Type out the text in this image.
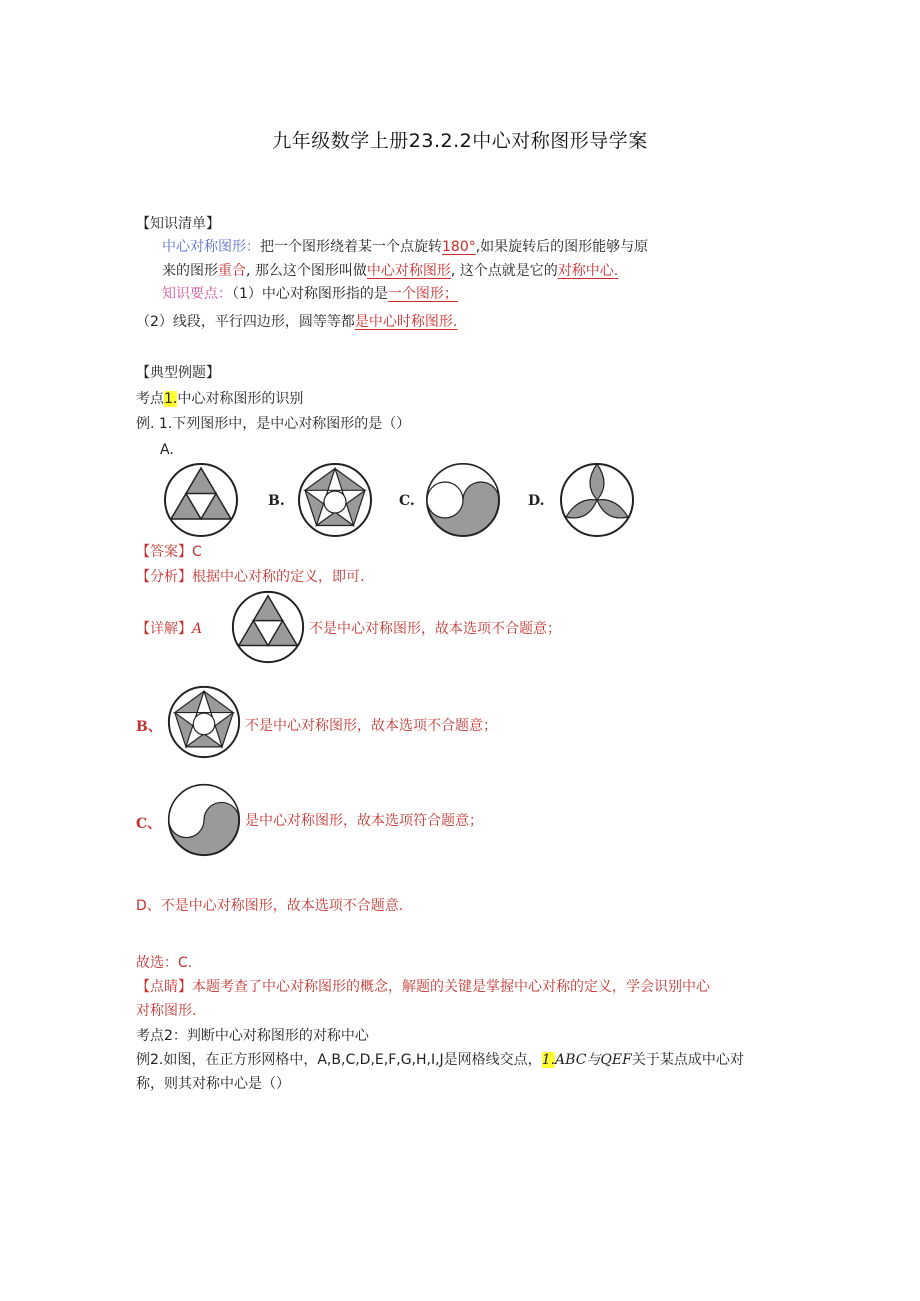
九年级数学上册23.2.2中心对称图形导学案
【知识清单】
中心对称图形：把一个图形绕着某一个点旋转180°,如果旋转后的图形能够与原
来的图形重合, 那么这个图形叫做中心对称图形, 这个点就是它的对称中心.
知识要点：（1）中心对称图形指的是一个图形；
（2）线段，平行四边形，圆等等都是中心时称图形.
【典型例题】
考点1.中心对称图形的识别
例. 1.下列图形中，是中心对称图形的是（）
A.
B.	C.	D.
【答案】C
【分析】根据中心对称的定义，即可.
【详解】A	不是中心对称图形，故本选项不合题意；
B、	不是中心对称图形，故本选项不合题意；
C、	是中心对称图形，故本选项符合题意；
D、不是中心对称图形，故本选项不合题意.
故选：C.
【点睛】本题考查了中心对称图形的概念，解题的关键是掌握中心对称的定义，学会识别中心
对称图形.
考点2：判断中心对称图形的对称中心
例2.如图，在正方形网格中，A,B,C,D,E,F,G,H,I,J是网格线交点，1.ABC与QEF关于某点成中心对
称，则其对称中心是（）
